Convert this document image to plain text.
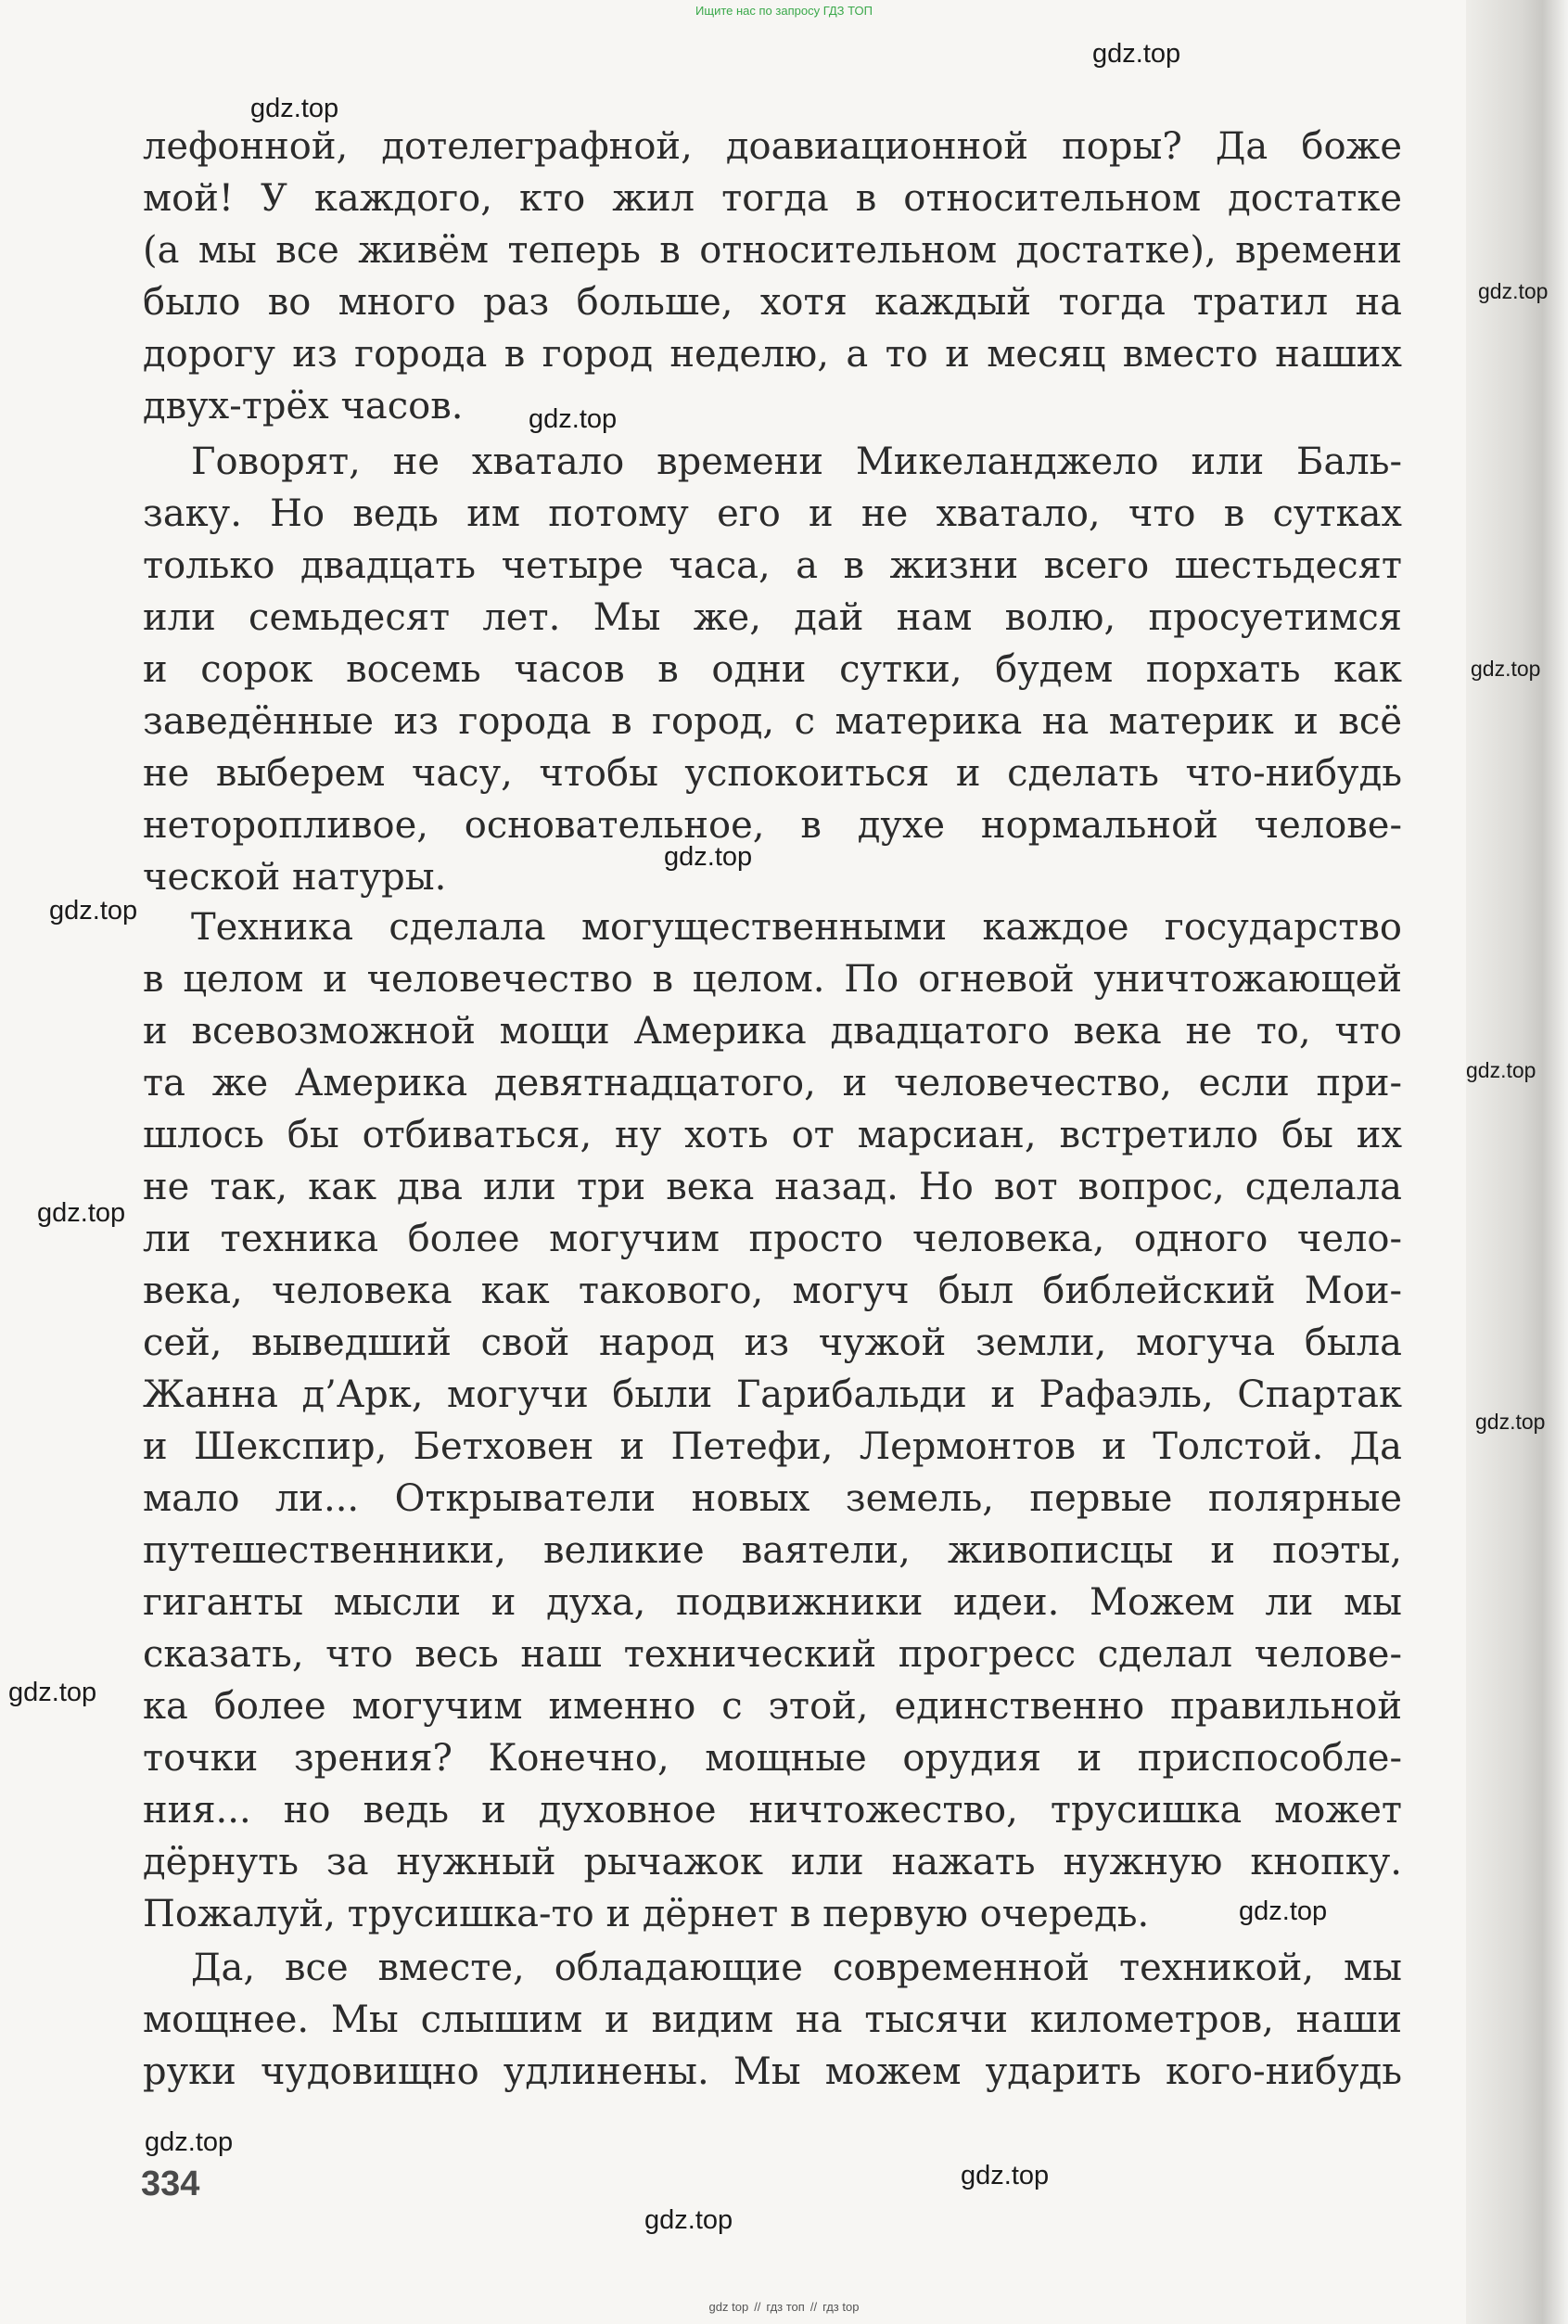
Ищите нас по запросу ГДЗ ТОП
лефонной, дотелеграфной, доавиационной поры? Да боже
мой! У каждого, кто жил тогда в относительном достатке
(а мы все живём теперь в относительном достатке), времени
было во много раз больше, хотя каждый тогда тратил на
дорогу из города в город неделю, а то и месяц вместо наших
двух-трёх часов.
Говорят, не хватало времени Микеланджело или Баль-
заку. Но ведь им потому его и не хватало, что в сутках
только двадцать четыре часа, а в жизни всего шестьдесят
или семьдесят лет. Мы же, дай нам волю, просуетимся
и сорок восемь часов в одни сутки, будем порхать как
заведённые из города в город, с материка на материк и всё
не выберем часу, чтобы успокоиться и сделать что-нибудь
неторопливое, основательное, в духе нормальной челове-
ческой натуры.
Техника сделала могущественными каждое государство
в целом и человечество в целом. По огневой уничтожающей
и всевозможной мощи Америка двадцатого века не то, что
та же Америка девятнадцатого, и человечество, если при-
шлось бы отбиваться, ну хоть от марсиан, встретило бы их
не так, как два или три века назад. Но вот вопрос, сделала
ли техника более могучим просто человека, одного чело-
века, человека как такового, могуч был библейский Мои-
сей, выведший свой народ из чужой земли, могуча была
Жанна д’Арк, могучи были Гарибальди и Рафаэль, Спартак
и Шекспир, Бетховен и Петефи, Лермонтов и Толстой. Да
мало ли... Открыватели новых земель, первые полярные
путешественники, великие ваятели, живописцы и поэты,
гиганты мысли и духа, подвижники идеи. Можем ли мы
сказать, что весь наш технический прогресс сделал челове-
ка более могучим именно с этой, единственно правильной
точки зрения? Конечно, мощные орудия и приспособле-
ния... но ведь и духовное ничтожество, трусишка может
дёрнуть за нужный рычажок или нажать нужную кнопку.
Пожалуй, трусишка-то и дёрнет в первую очередь.
Да, все вместе, обладающие современной техникой, мы
мощнее. Мы слышим и видим на тысячи километров, наши
руки чудовищно удлинены. Мы можем ударить кого-нибудь
gdz.top
gdz.top
gdz.top
gdz.top
gdz.top
gdz.top
gdz.top
gdz.top
gdz.top
gdz.top
gdz.top
gdz.top
gdz.top
gdz.top
gdz.top
334
gdz top // гдз топ // гдз top
